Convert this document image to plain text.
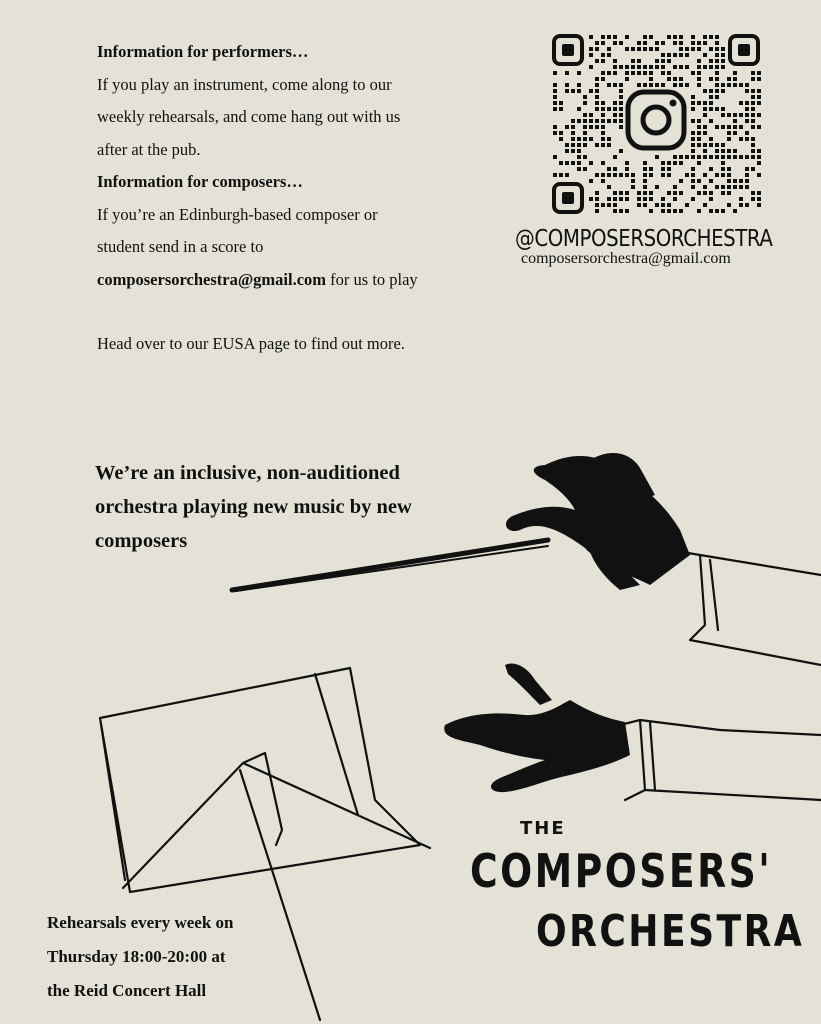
Information for performers…

If you play an instrument, come along to our

weekly rehearsals, and come hang out with us

after at the pub.

Information for composers…

If you’re an Edinburgh-based composer or

student send in a score to

composersorchestra@gmail.com for us to play

Head over to our EUSA page to find out more.

@COMPOSERSORCHESTRA
composersorchestra@gmail.com
We’re an inclusive, non-auditioned
orchestra playing new music by new
composers
Rehearsals every week on
Thursday 18:00-20:00 at
the Reid Concert Hall
THE
COMPOSERS'
ORCHESTRA
